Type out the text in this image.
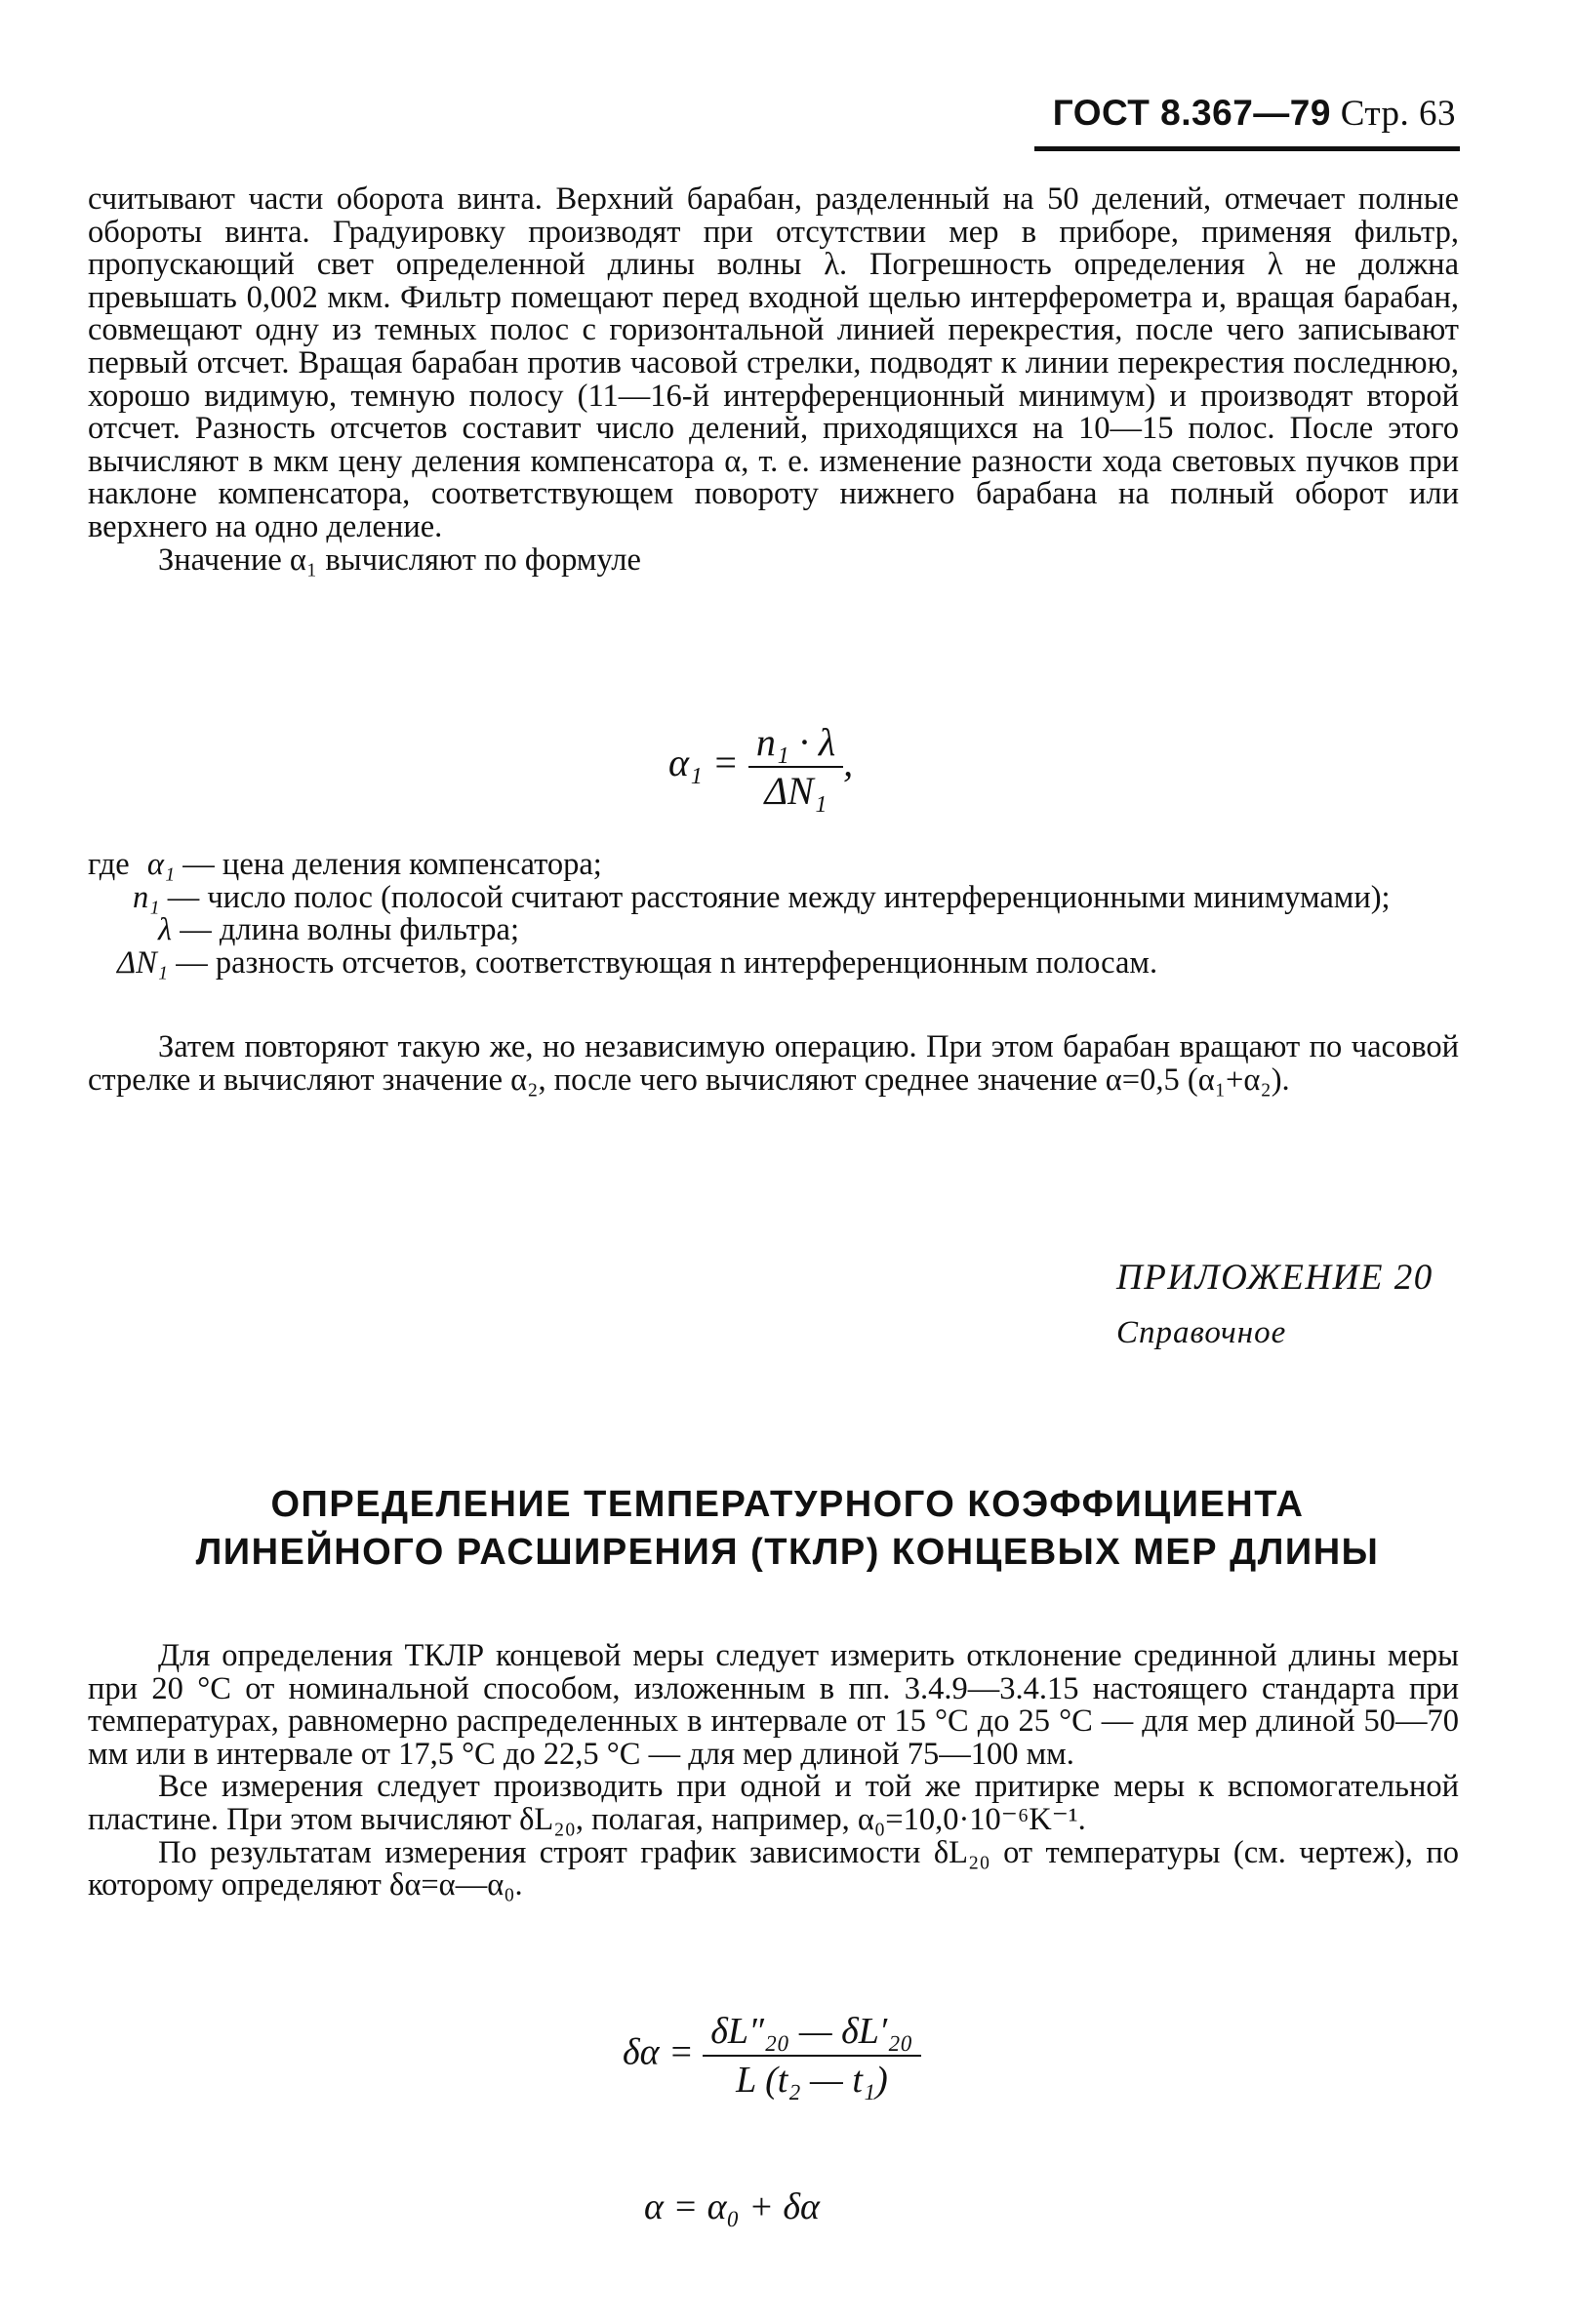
ГОСТ 8.367—79 Стр. 63

считывают части оборота винта. Верхний барабан, разделенный на 50 делений, отмечает полные обороты винта. Градуировку производят при отсутствии мер в приборе, применяя фильтр, пропускающий свет определенной длины волны λ. Погрешность определения λ не должна превышать 0,002 мкм. Фильтр помещают перед входной щелью интерферометра и, вращая барабан, совмещают одну из темных полос с горизонтальной линией перекрестия, после чего записывают первый отсчет. Вращая барабан против часовой стрелки, подводят к линии перекрестия последнюю, хорошо видимую, темную полосу (11—16-й интерференционный минимум) и производят второй отсчет. Разность отсчетов составит число делений, приходящихся на 10—15 полос. После этого вычисляют в мкм цену деления компенсатора α, т. е. изменение разности хода световых пучков при наклоне компенсатора, соответствующем повороту нижнего барабана на полный оборот или верхнего на одно деление.

Значение α₁ вычисляют по формуле

$\alpha_1 = \frac{\text{n₁ · λ}}{\text{ΔN₁}}$ ,
где α₁ — цена деления компенсатора;
n₁ — число полос (полосой считают расстояние между интерференционными минимумами);
λ — длина волны фильтра;
ΔN₁ — разность отсчетов, соответствующая n интерференционным полосам.

Затем повторяют такую же, но независимую операцию. При этом барабан вращают по часовой стрелке и вычисляют значение α₂, после чего вычисляют среднее значение α=0,5 (α₁+α₂).

ПРИЛОЖЕНИЕ 20
Справочное
ОПРЕДЕЛЕНИЕ ТЕМПЕРАТУРНОГО КОЭФФИЦИЕНТА
ЛИНЕЙНОГО РАСШИРЕНИЯ (ТКЛР) КОНЦЕВЫХ МЕР ДЛИНЫ

Для определения ТКЛР концевой меры следует измерить отклонение срединной длины меры при 20 °С от номинальной способом, изложенным в пп. 3.4.9—3.4.15 настоящего стандарта при температурах, равномерно распределенных в интервале от 15 °С до 25 °С — для мер длиной 50—70 мм или в интервале от 17,5 °С до 22,5 °С — для мер длиной 75—100 мм.

Все измерения следует производить при одной и той же притирке меры к вспомогательной пластине. При этом вычисляют δL₂₀, полагая, например, α₀=10,0·10⁻⁶K⁻¹.

По результатам измерения строят график зависимости δL₂₀ от температуры (см. чертеж), по которому определяют δα=α—α₀.

$\delta\alpha = \frac{\text{δL″₂₀ — δL′₂₀}}{\text{L (t₂ — t₁)}}$
α = α₀ + δα
